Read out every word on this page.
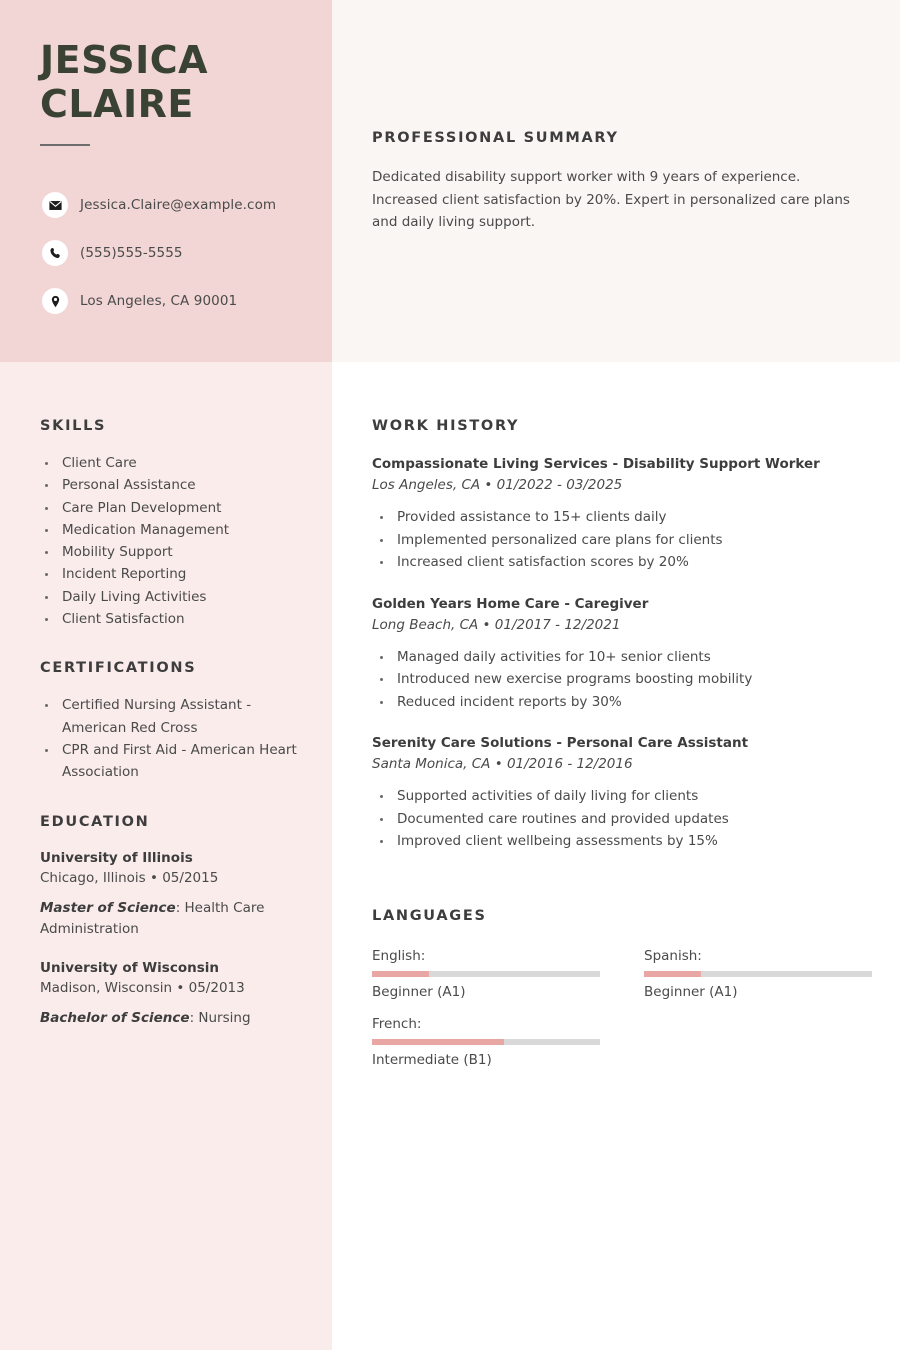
JESSICA
CLAIRE
Jessica.Claire@example.com
(555)555-5555
Los Angeles, CA 90001
PROFESSIONAL SUMMARY
Dedicated disability support worker with 9 years of experience. Increased client satisfaction by 20%. Expert in personalized care plans and daily living support.
SKILLS
Client Care
Personal Assistance
Care Plan Development
Medication Management
Mobility Support
Incident Reporting
Daily Living Activities
Client Satisfaction
CERTIFICATIONS
Certified Nursing Assistant - American Red Cross
CPR and First Aid - American Heart Association
EDUCATION
University of Illinois
Chicago, Illinois • 05/2015
Master of Science: Health Care Administration
University of Wisconsin
Madison, Wisconsin • 05/2013
Bachelor of Science: Nursing
WORK HISTORY
Compassionate Living Services - Disability Support Worker
Los Angeles, CA • 01/2022 - 03/2025
Provided assistance to 15+ clients daily
Implemented personalized care plans for clients
Increased client satisfaction scores by 20%
Golden Years Home Care - Caregiver
Long Beach, CA • 01/2017 - 12/2021
Managed daily activities for 10+ senior clients
Introduced new exercise programs boosting mobility
Reduced incident reports by 30%
Serenity Care Solutions - Personal Care Assistant
Santa Monica, CA • 01/2016 - 12/2016
Supported activities of daily living for clients
Documented care routines and provided updates
Improved client wellbeing assessments by 15%
LANGUAGES
English:
Beginner (A1)
Spanish:
Beginner (A1)
French:
Intermediate (B1)
